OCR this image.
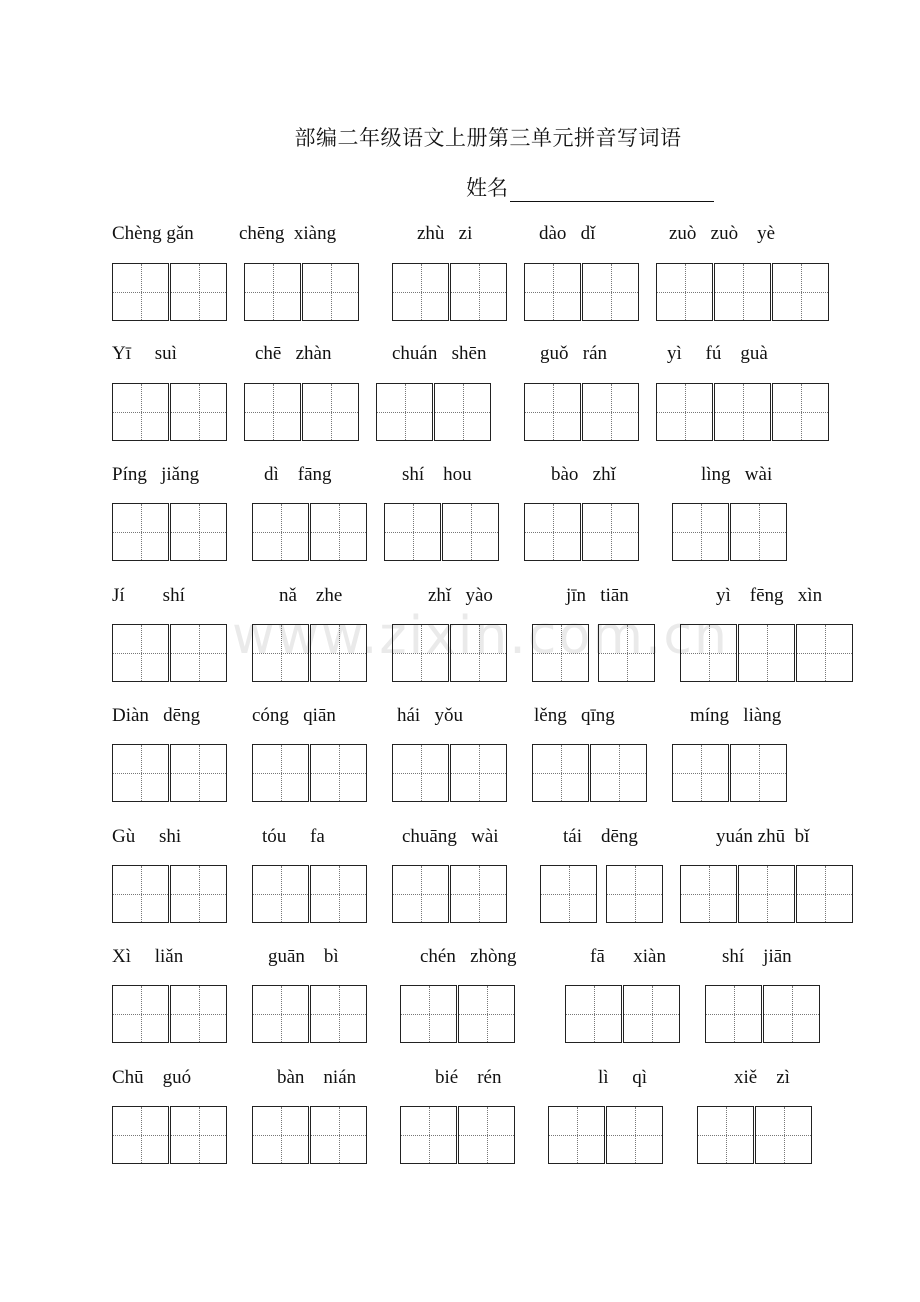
部编二年级语文上册第三单元拼音写词语
姓名
www.zixin.com.cn
Chèng gǎn chēng  xiàng	zhù   zi	dào   dǐ	zuò   zuò    yè
Yī     suì	chē   zhàn	chuán   shēn	guǒ   rán	yì     fú    guà
Píng   jiǎng	dì    fāng	shí    hou	bào   zhǐ	lìng   wài
Jí        shí	nǎ    zhe	zhǐ   yào	jīn   tiān	yì    fēng   xìn
Diàn   dēng	cóng   qiān	hái   yǒu	lěng   qīng	míng   liàng
Gù     shi	tóu     fa	chuāng   wài	tái    dēng	yuán zhū  bǐ
Xì     liǎn	guān    bì	chén   zhòng	fā      xiàn	shí    jiān
Chū    guó	bàn    nián	bié    rén	lì     qì	xiě    zì
